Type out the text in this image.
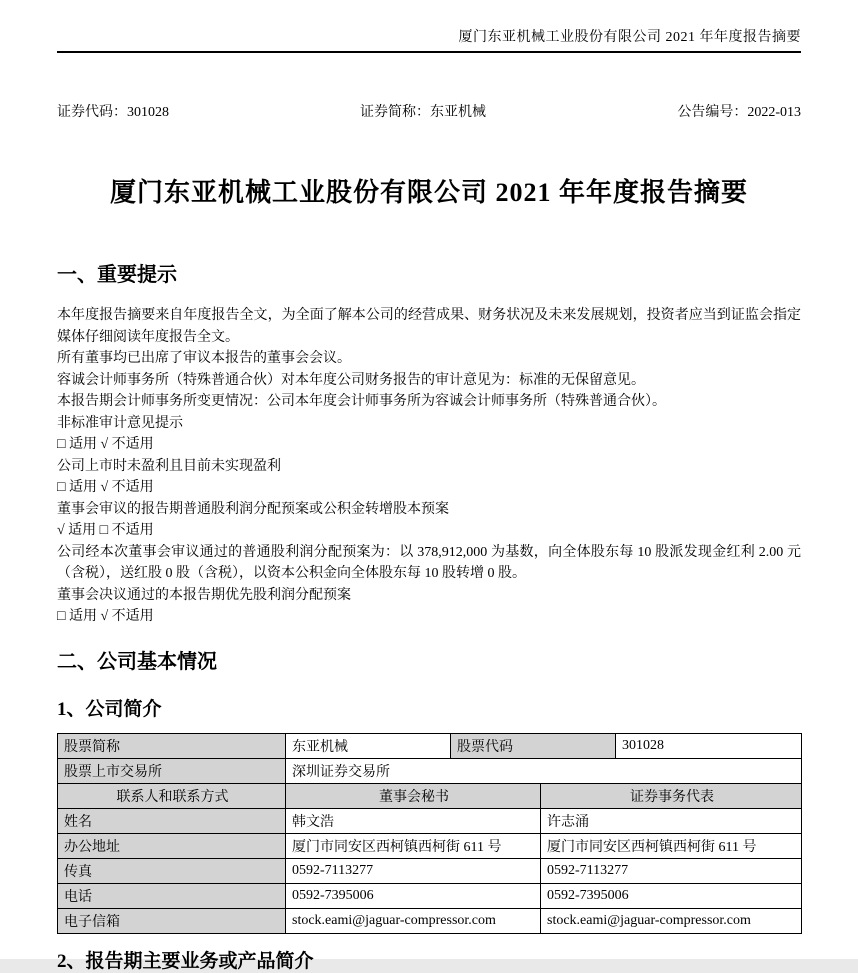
厦门东亚机械工业股份有限公司 2021 年年度报告摘要
证券代码：301028	证券简称：东亚机械	公告编号：2022-013
厦门东亚机械工业股份有限公司 2021 年年度报告摘要
一、重要提示

本年度报告摘要来自年度报告全文，为全面了解本公司的经营成果、财务状况及未来发展规划，投资者应当到证监会指定媒体仔细阅读年度报告全文。

所有董事均已出席了审议本报告的董事会会议。

容诚会计师事务所（特殊普通合伙）对本年度公司财务报告的审计意见为：标准的无保留意见。

本报告期会计师事务所变更情况：公司本年度会计师事务所为容诚会计师事务所（特殊普通合伙）。

非标准审计意见提示

□ 适用 √ 不适用

公司上市时未盈利且目前未实现盈利

□ 适用 √ 不适用

董事会审议的报告期普通股利润分配预案或公积金转增股本预案

√ 适用 □ 不适用

公司经本次董事会审议通过的普通股利润分配预案为：以 378,912,000 为基数，向全体股东每 10 股派发现金红利 2.00 元（含税），送红股 0 股（含税），以资本公积金向全体股东每 10 股转增 0 股。

董事会决议通过的本报告期优先股利润分配预案

□ 适用 √ 不适用

二、公司基本情况
1、公司简介
股票简称	东亚机械	股票代码	301028
股票上市交易所	深圳证券交易所		
联系人和联系方式	董事会秘书	证券事务代表
姓名	韩文浩	许志涌
办公地址	厦门市同安区西柯镇西柯街 611 号	厦门市同安区西柯镇西柯街 611 号
传真	0592-7113277	0592-7113277
电话	0592-7395006	0592-7395006
电子信箱	stock.eami@jaguar-compressor.com	stock.eami@jaguar-compressor.com
2、报告期主要业务或产品简介
